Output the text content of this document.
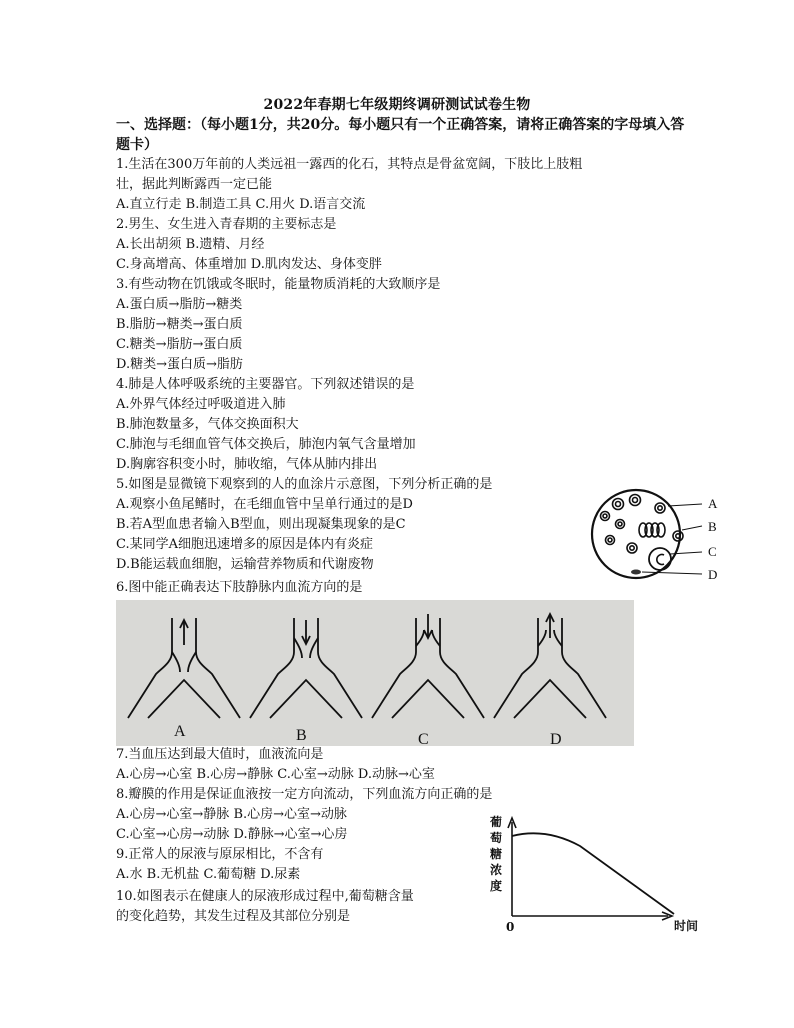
2022年春期七年级期终调研测试试卷生物
一、选择题：（每小题1分，共20分。每小题只有一个正确答案，请将正确答案的字母填入答题卡）
1.生活在300万年前的人类远祖一露西的化石，其特点是骨盆宽阔，下肢比上肢粗
壮，据此判断露西一定已能
A.直立行走 B.制造工具 C.用火 D.语言交流
2.男生、女生进入青春期的主要标志是
A.长出胡须 B.遗精、月经
C.身高增高、体重增加 D.肌肉发达、身体变胖
3.有些动物在饥饿或冬眠时，能量物质消耗的大致顺序是
A.蛋白质→脂肪→糖类
B.脂肪→糖类→蛋白质
C.糖类→脂肪→蛋白质
D.糖类→蛋白质→脂肪
4.肺是人体呼吸系统的主要器官。下列叙述错误的是
A.外界气体经过呼吸道进入肺
B.肺泡数量多，气体交换面积大
C.肺泡与毛细血管气体交换后，肺泡内氧气含量增加
D.胸廓容积变小时，肺收缩，气体从肺内排出
5.如图是显微镜下观察到的人的血涂片示意图，下列分析正确的是
A.观察小鱼尾鳍时，在毛细血管中呈单行通过的是D
B.若A型血患者输入B型血，则出现凝集现象的是C
C.某同学A细胞迅速增多的原因是体内有炎症
D.B能运载血细胞，运输营养物质和代谢废物
6.图中能正确表达下肢静脉内血流方向的是
7.当血压达到最大值时，血液流向是
A.心房→心室 B.心房→静脉 C.心室→动脉 D.动脉→心室
8.瓣膜的作用是保证血液按一定方向流动，下列血流方向正确的是
A.心房→心室→静脉 B.心房→心室→动脉
C.心室→心房→动脉 D.静脉→心室→心房
9.正常人的尿液与原尿相比，不含有
A.水 B.无机盐 C.葡萄糖 D.尿素
10.如图表示在健康人的尿液形成过程中,葡萄糖含量
的变化趋势，其发生过程及其部位分别是
A
B
C
D
A	B	C	D
葡
萄
糖
浓
度
0	时间
